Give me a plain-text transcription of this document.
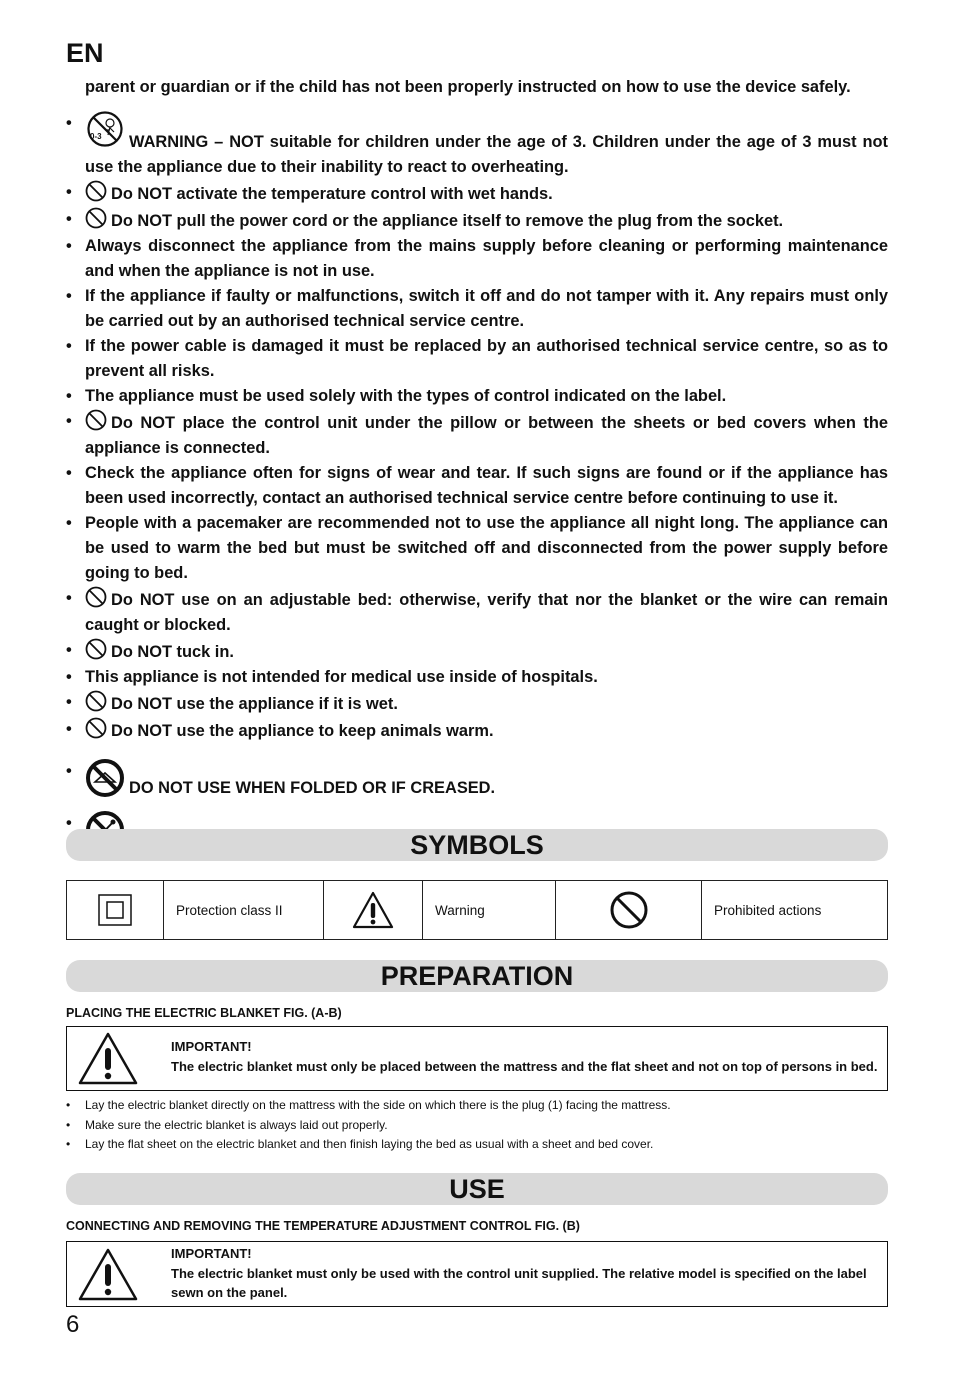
EN
parent or guardian or if the child has not been properly instructed on how to use the device safely.
• 0-3 WARNING – NOT suitable for children under the age of 3. Children under the age of 3 must not use the appliance due to their inability to react to overheating.
• Do NOT activate the temperature control with wet hands.
• Do NOT pull the power cord or the appliance itself to remove the plug from the socket.
• Always disconnect the appliance from the mains supply before cleaning or performing maintenance and when the appliance is not in use.
• If the appliance if faulty or malfunctions, switch it off and do not tamper with it. Any repairs must only be carried out by an authorised technical service centre.
• If the power cable is damaged it must be replaced by an authorised technical service centre, so as to prevent all risks.
• The appliance must be used solely with the types of control indicated on the label.
• Do NOT place the control unit under the pillow or between the sheets or bed covers when the appliance is connected.
• Check the appliance often for signs of wear and tear. If such signs are found or if the appliance has been used incorrectly, contact an authorised technical service centre before continuing to use it.
• People with a pacemaker are recommended not to use the appliance all night long. The appliance can be used to warm the bed but must be switched off and disconnected from the power supply before going to bed.
• Do NOT use on an adjustable bed: otherwise, verify that nor the blanket or the wire can remain caught or blocked.
• Do NOT tuck in.
• This appliance is not intended for medical use inside of hospitals.
• Do NOT use the appliance if it is wet.
• Do NOT use the appliance to keep animals warm.
• DO NOT USE WHEN FOLDED OR IF CREASED.
•
SYMBOLS
	Protection class II		Warning		Prohibited actions
PREPARATION
PLACING THE ELECTRIC BLANKET FIG. (A-B)
IMPORTANT!
The electric blanket must only be placed between the mattress and the flat sheet and not on top of persons in bed.
• Lay the electric blanket directly on the mattress with the side on which there is the plug (1) facing the mattress.
• Make sure the electric blanket is always laid out properly.
• Lay the flat sheet on the electric blanket and then finish laying the bed as usual with a sheet and bed cover.
USE
CONNECTING AND REMOVING THE TEMPERATURE ADJUSTMENT CONTROL FIG. (B)
IMPORTANT!
The electric blanket must only be used with the control unit supplied. The relative model is specified on the label sewn on the panel.
6
